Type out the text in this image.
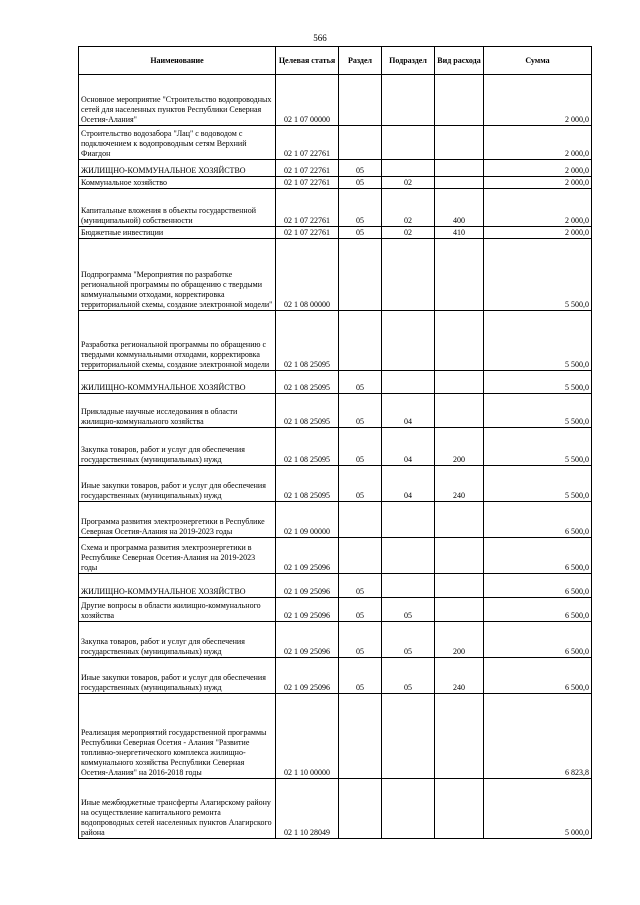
566
Наименование	Целевая статья	Раздел	Подраздел	Вид расхода	Сумма
Основное мероприятие "Строительство водопроводных сетей для населенных пунктов Республики Северная Осетия-Алания"	02 1 07 00000				2 000,0
Строительство водозабора "Лац" с водоводом с подключением к водопроводным сетям Верхний Фиагдон	02 1 07 22761				2 000,0
ЖИЛИЩНО-КОММУНАЛЬНОЕ ХОЗЯЙСТВО	02 1 07 22761	05			2 000,0
Коммунальное хозяйство	02 1 07 22761	05	02		2 000,0
Капитальные вложения в объекты государственной (муниципальной) собственности	02 1 07 22761	05	02	400	2 000,0
Бюджетные инвестиции	02 1 07 22761	05	02	410	2 000,0
Подпрограмма "Мероприятия по разработке региональной программы по обращению с твердыми коммунальными отходами, корректировка территориальной схемы, создание электронной модели"	02 1 08 00000				5 500,0
Разработка региональной программы по обращению с твердыми коммунальными отходами, корректировка территориальной схемы, создание электронной модели	02 1 08 25095				5 500,0
ЖИЛИЩНО-КОММУНАЛЬНОЕ ХОЗЯЙСТВО	02 1 08 25095	05			5 500,0
Прикладные научные исследования в области жилищно-коммунального хозяйства	02 1 08 25095	05	04		5 500,0
Закупка товаров, работ и услуг для обеспечения государственных (муниципальных) нужд	02 1 08 25095	05	04	200	5 500,0
Иные закупки товаров, работ и услуг для обеспечения государственных (муниципальных) нужд	02 1 08 25095	05	04	240	5 500,0
Программа развития электроэнергетики в Республике Северная Осетия-Алания на 2019-2023 годы	02 1 09 00000				6 500,0
Схема и программа развития электроэнергетики в Республике Северная Осетия-Алания на 2019-2023 годы	02 1 09 25096				6 500,0
ЖИЛИЩНО-КОММУНАЛЬНОЕ ХОЗЯЙСТВО	02 1 09 25096	05			6 500,0
Другие вопросы в области жилищно-коммунального хозяйства	02 1 09 25096	05	05		6 500,0
Закупка товаров, работ и услуг для обеспечения государственных (муниципальных) нужд	02 1 09 25096	05	05	200	6 500,0
Иные закупки товаров, работ и услуг для обеспечения государственных (муниципальных) нужд	02 1 09 25096	05	05	240	6 500,0
Реализация мероприятий государственной программы Республики Северная Осетия - Алания "Развитие топливно-энергетического комплекса жилищно-коммунального хозяйства Республики Северная Осетия-Алания" на 2016-2018 годы	02 1 10 00000				6 823,8
Иные межбюджетные трансферты Алагирскому району на осуществление капитального ремонта водопроводных сетей населенных пунктов Алагирского района	02 1 10 28049				5 000,0
